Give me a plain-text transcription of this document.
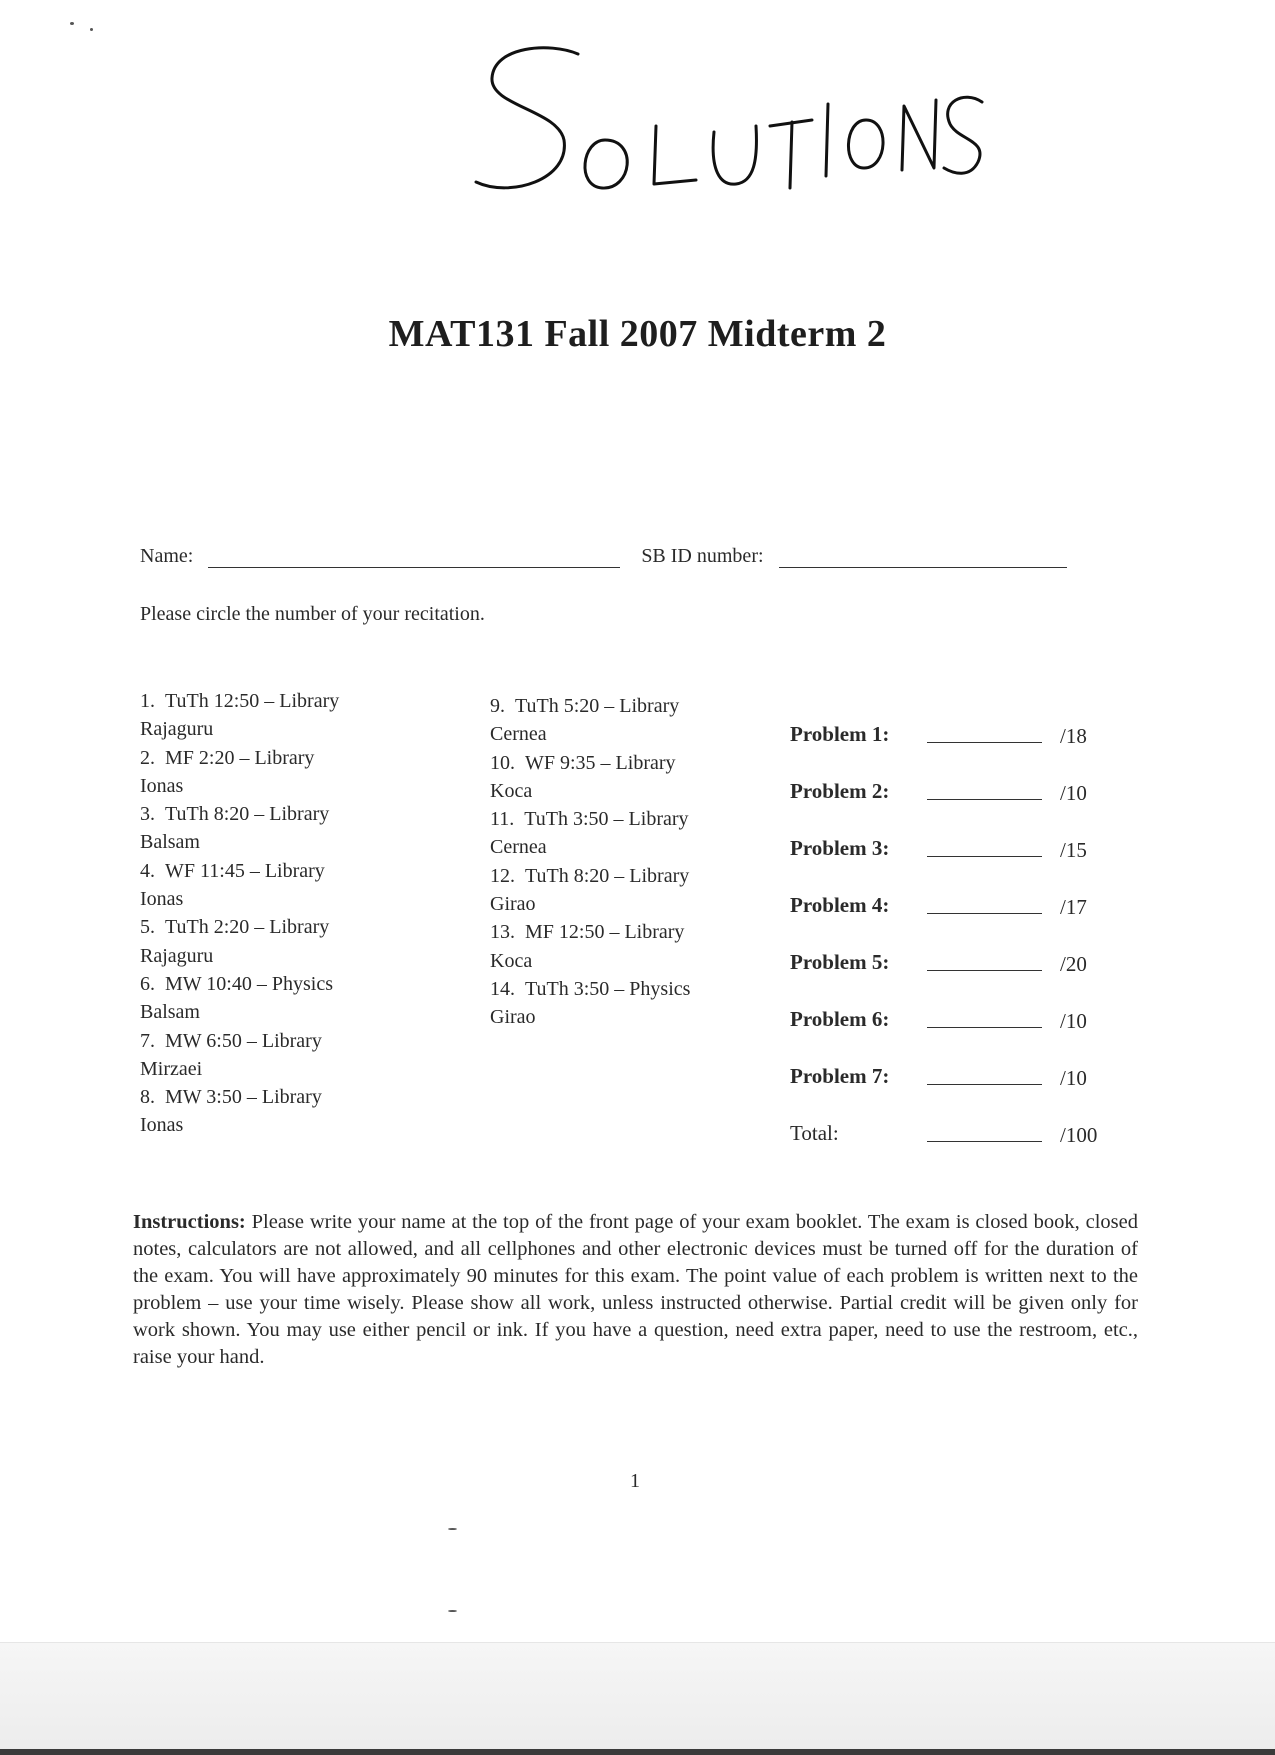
MAT131 Fall 2007 Midterm 2
Name:	SB ID number:
Please circle the number of your recitation.
1. TuTh 12:50 – Library
Rajaguru
2. MF 2:20 – Library
Ionas
3. TuTh 8:20 – Library
Balsam
4. WF 11:45 – Library
Ionas
5. TuTh 2:20 – Library
Rajaguru
6. MW 10:40 – Physics
Balsam
7. MW 6:50 – Library
Mirzaei
8. MW 3:50 – Library
Ionas
9. TuTh 5:20 – Library
Cernea
10. WF 9:35 – Library
Koca
11. TuTh 3:50 – Library
Cernea
12. TuTh 8:20 – Library
Girao
13. MF 12:50 – Library
Koca
14. TuTh 3:50 – Physics
Girao
Problem 1:	/18
Problem 2:	/10
Problem 3:	/15
Problem 4:	/17
Problem 5:	/20
Problem 6:	/10
Problem 7:	/10
Total:	/100
Instructions: Please write your name at the top of the front page of your exam booklet. The exam is closed book, closed notes, calculators are not allowed, and all cellphones and other electronic devices must be turned off for the duration of the exam. You will have approximately 90 minutes for this exam. The point value of each problem is written next to the problem – use your time wisely. Please show all work, unless instructed otherwise. Partial credit will be given only for work shown. You may use either pencil or ink. If you have a question, need extra paper, need to use the restroom, etc., raise your hand.
1
